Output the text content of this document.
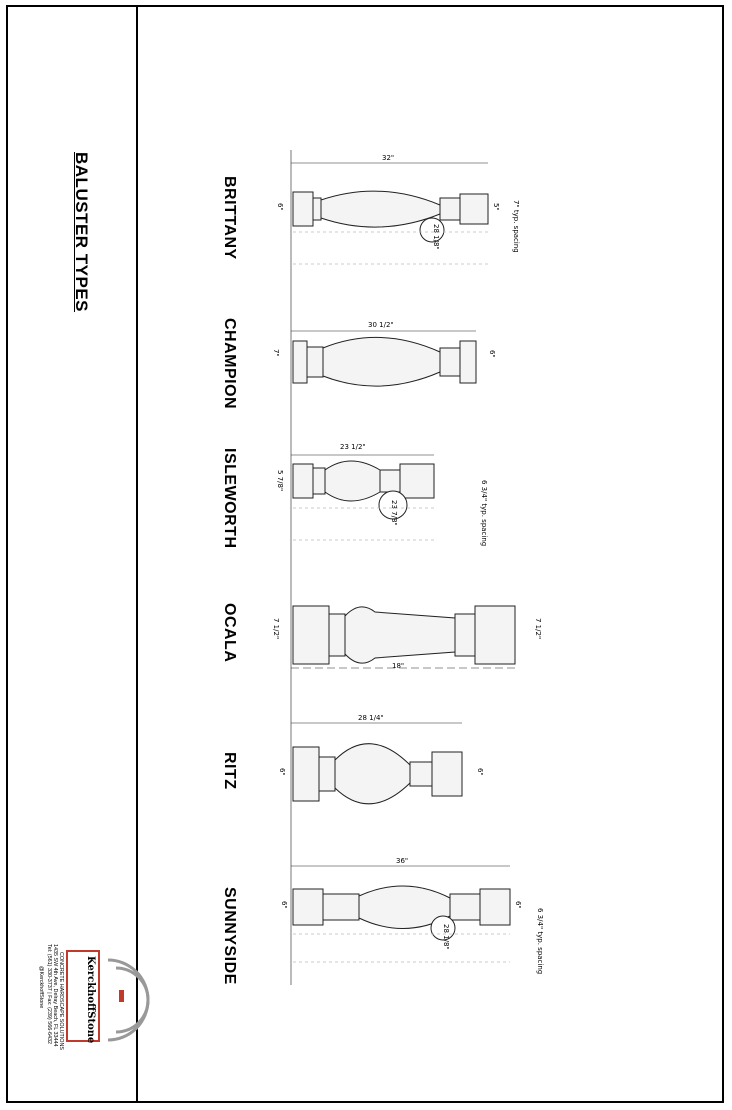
BALUSTER TYPES
KerckhoffStone
CONCRETE HARDSCAPE SOLUTIONS
1435 SW 4th Ave, Delray Beach, FL 33444
Tel: (561) 330-3737 | Fax: (239) 566-6432
@KerckhoffStone
BRITTANY
CHAMPION
ISLEWORTH
OCALA
RITZ
SUNNYSIDE
32"
6"	5" 7" typ. spacing
28 1/8"
30 1/2"
7"	6"
23 1/2"
5 7/8"	6 3/4" typ. spacing
23 7/8"
7 1/2"	7 1/2"
18"
28 1/4"
6"	6"
36"
6"	6"
6 3/4" typ. spacing
28 1/8"
